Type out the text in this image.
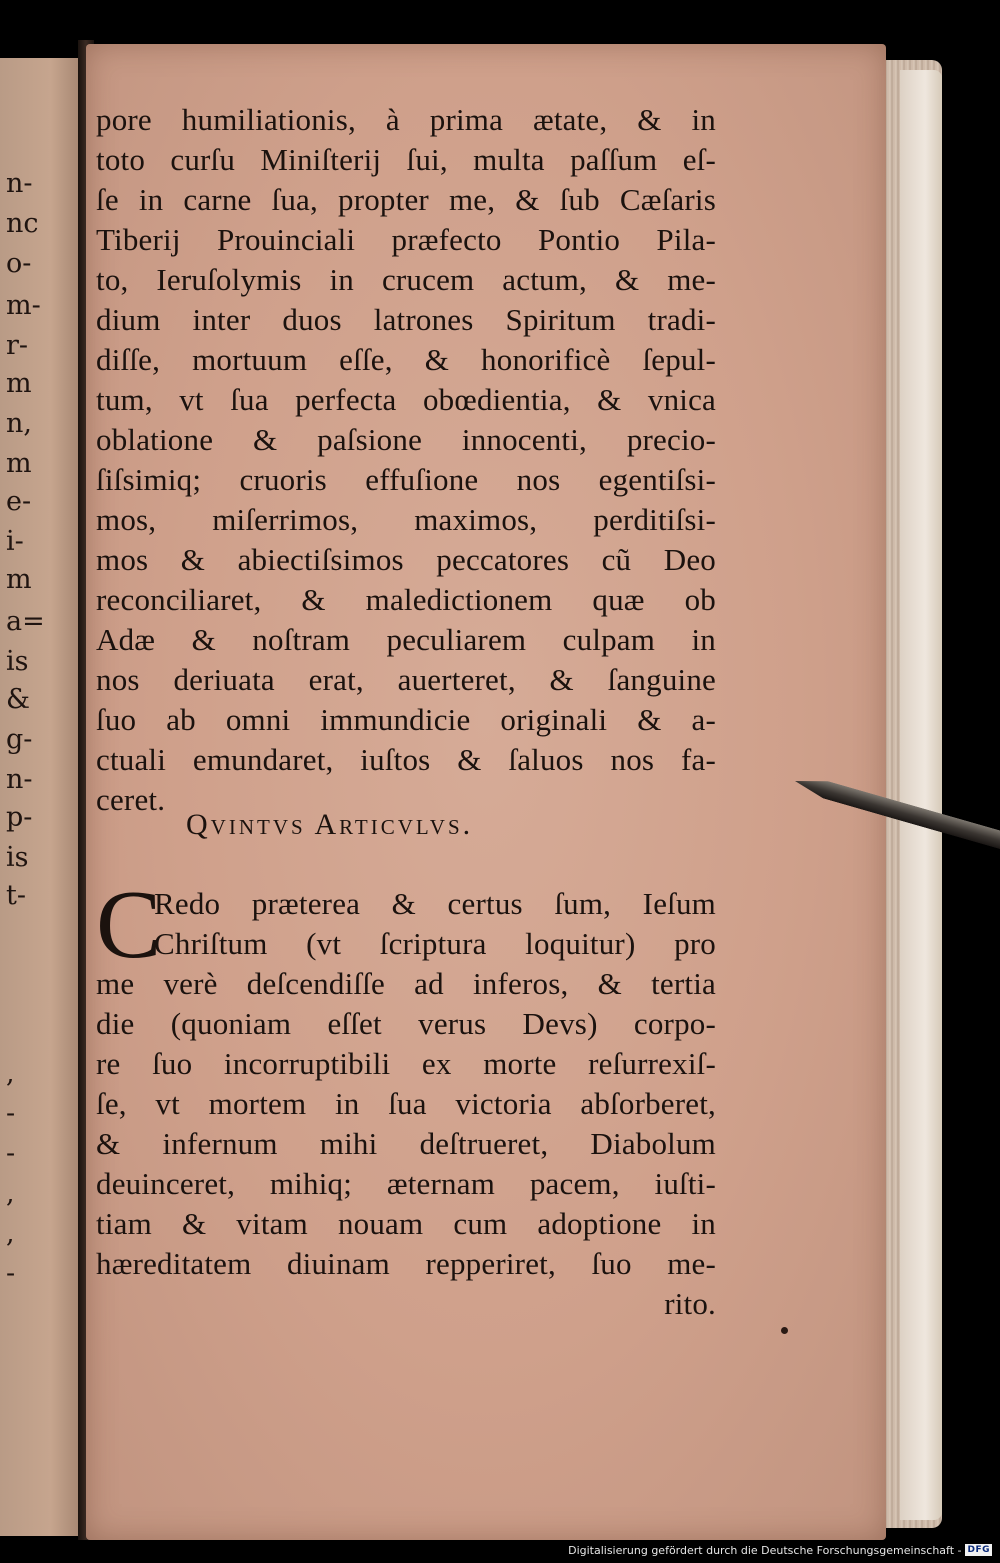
n-
nc
o-
m-
r-
m
n,
m
e-
i-
m
a=
is
&
g-
n-
p-
is
t-
,
-
-
,
,
-
pore humiliationis, à prima ætate, & in
toto curſu Miniſterij ſui, multa paſſum eſ-
ſe in carne ſua, propter me, & ſub Cæſaris
Tiberij Prouinciali præfecto Pontio Pila-
to, Ieruſolymis in crucem actum, & me-
dium inter duos latrones Spiritum tradi-
diſſe, mortuum eſſe, & honorificè ſepul-
tum, vt ſua perfecta obœdientia, & vnica
oblatione & paſsione innocenti, precio-
ſiſsimiq; cruoris effuſione nos egentiſsi-
mos, miſerrimos, maximos, perditiſsi-
mos & abiectiſsimos peccatores cũ Deo
reconciliaret, & maledictionem quæ ob
Adæ & noſtram peculiarem culpam in
nos deriuata erat, auerteret, & ſanguine
ſuo ab omni immundicie originali & a-
ctuali emundaret, iuſtos & ſaluos nos fa-
ceret.
Qvintvs Articvlvs.
C
Redo præterea & certus ſum, Ieſum
Chriſtum (vt ſcriptura loquitur) pro
me verè deſcendiſſe ad inferos, & tertia
die (quoniam eſſet verus Devs) corpo-
re ſuo incorruptibili ex morte reſurrexiſ-
ſe, vt mortem in ſua victoria abſorberet,
& infernum mihi deſtrueret, Diabolum
deuinceret, mihiq; æternam pacem, iuſti-
tiam & vitam nouam cum adoptione in
hæreditatem diuinam repperiret, ſuo me-
rito.
Digitalisierung gefördert durch die Deutsche Forschungsgemeinschaft - DFG
